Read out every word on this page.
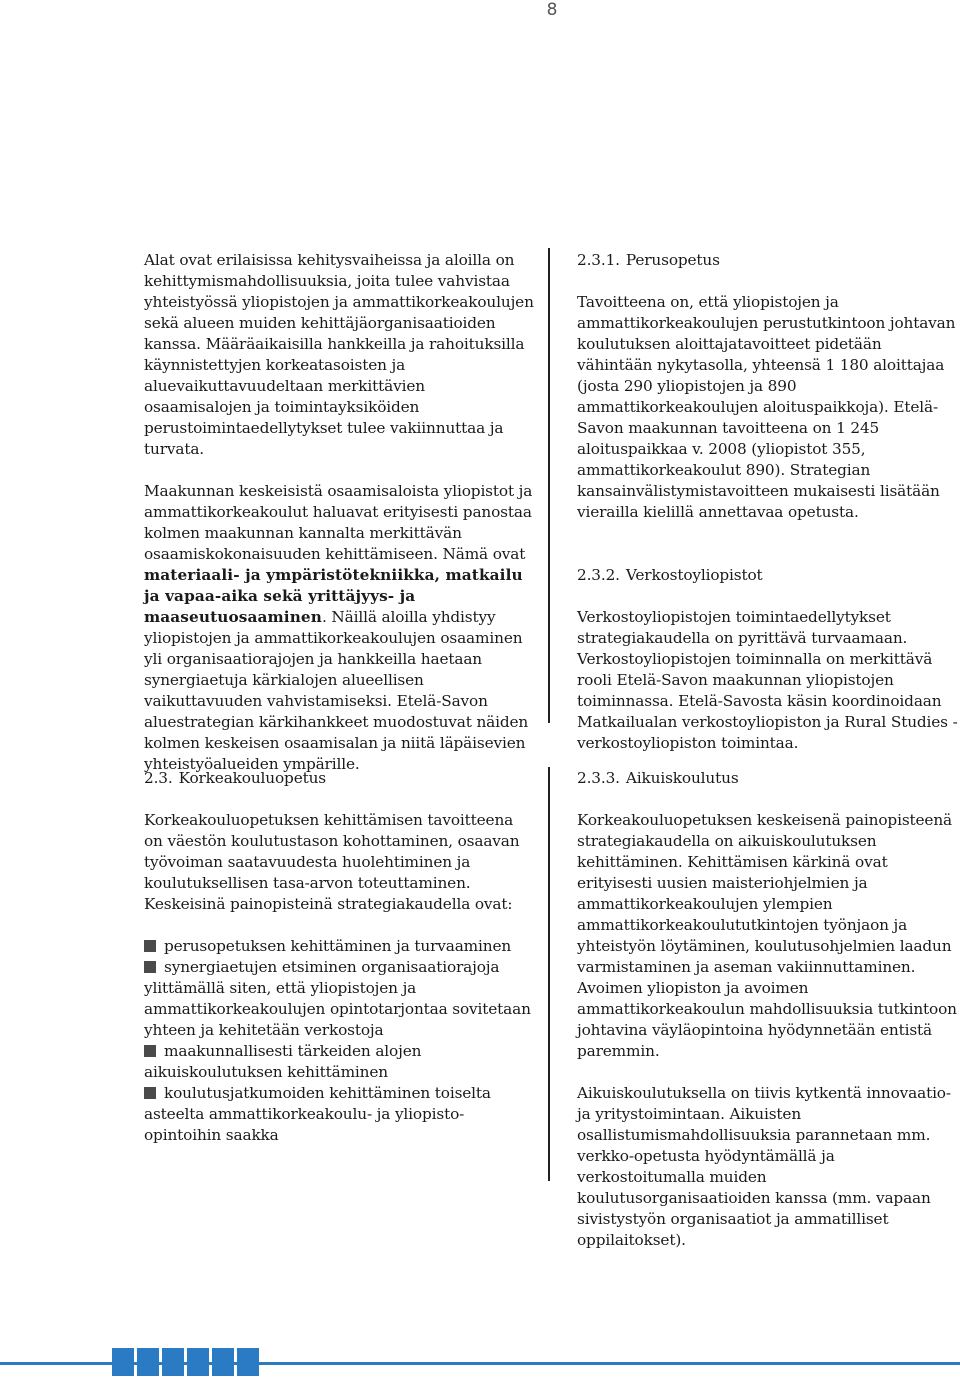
8

Alat ovat erilaisissa kehitysvaiheissa ja aloilla on kehittymismahdollisuuksia, joita tulee vahvistaa yhteistyössä yliopistojen ja ammattikorkeakoulujen sekä alueen muiden kehittäjäorganisaatioiden kanssa. Määräaikaisilla hankkeilla ja rahoituksilla käynnistettyjen korkeatasoisten ja aluevaikuttavuudeltaan merkittävien osaamisalojen ja toimintayksiköiden perustoimintaedellytykset tulee vakiinnuttaa ja turvata.

Maakunnan keskeisistä osaamisaloista yliopistot ja ammattikorkeakoulut haluavat erityisesti panostaa kolmen maakunnan kannalta merkittävän osaamiskokonaisuuden kehittämiseen. Nämä ovat materiaali- ja ympäristötekniikka, matkailu ja vapaa-aika sekä yrittäjyys- ja maaseutuosaaminen. Näillä aloilla yhdistyy yliopistojen ja ammattikorkeakoulujen osaaminen yli organisaatiorajojen ja hankkeilla haetaan synergiaetuja kärkialojen alueellisen vaikuttavuuden vahvistamiseksi. Etelä-Savon aluestrategian kärkihankkeet muodostuvat näiden kolmen keskeisen osaamisalan ja niitä läpäisevien yhteistyöalueiden ympärille.

2.3.1. Perusopetus

Tavoitteena on, että yliopistojen ja ammattikorkeakoulujen perustutkintoon johtavan koulutuksen aloittajatavoitteet pidetään vähintään nykytasolla, yhteensä 1 180 aloittajaa (josta 290 yliopistojen ja 890 ammattikorkeakoulujen aloituspaikkoja). Etelä-Savon maakunnan tavoitteena on 1 245 aloituspaikkaa v. 2008 (yliopistot 355, ammattikorkeakoulut 890). Strategian kansainvälistymistavoitteen mukaisesti lisätään vierailla kielillä annettavaa opetusta.

2.3.2. Verkostoyliopistot

Verkostoyliopistojen toimintaedellytykset strategiakaudella on pyrittävä turvaamaan. Verkostoyliopistojen toiminnalla on merkittävä rooli Etelä-Savon maakunnan yliopistojen toiminnassa. Etelä-Savosta käsin koordinoidaan Matkailualan verkostoyliopiston ja Rural Studies -verkostoyliopiston toimintaa.

2.3. Korkeakouluopetus

Korkeakouluopetuksen kehittämisen tavoitteena on väestön koulutustason kohottaminen, osaavan työvoiman saatavuudesta huolehtiminen ja koulutuksellisen tasa-arvon toteuttaminen. Keskeisinä painopisteinä strategiakaudella ovat:

perusopetuksen kehittäminen ja turvaaminen
synergiaetujen etsiminen organisaatiorajoja ylittämällä siten, että yliopistojen ja ammattikorkeakoulujen opintotarjontaa sovitetaan yhteen ja kehitetään verkostoja
maakunnallisesti tärkeiden alojen aikuiskoulutuksen kehittäminen
koulutusjatkumoiden kehittäminen toiselta asteelta ammattikorkeakoulu- ja yliopisto-opintoihin saakka
2.3.3. Aikuiskoulutus

Korkeakouluopetuksen keskeisenä painopisteenä strategiakaudella on aikuiskoulutuksen kehittäminen. Kehittämisen kärkinä ovat erityisesti uusien maisteriohjelmien ja ammattikorkeakoulujen ylempien ammattikorkeakoulututkintojen työnjaon ja yhteistyön löytäminen, koulutusohjelmien laadun varmistaminen ja aseman vakiinnuttaminen. Avoimen yliopiston ja avoimen ammattikorkeakoulun mahdollisuuksia tutkintoon johtavina väyläopintoina hyödynnetään entistä paremmin.

Aikuiskoulutuksella on tiivis kytkentä innovaatio- ja yritystoimintaan. Aikuisten osallistumismahdollisuuksia parannetaan mm. verkko-opetusta hyödyntämällä ja verkostoitumalla muiden koulutusorganisaatioiden kanssa (mm. vapaan sivistystyön organisaatiot ja ammatilliset oppilaitokset).
